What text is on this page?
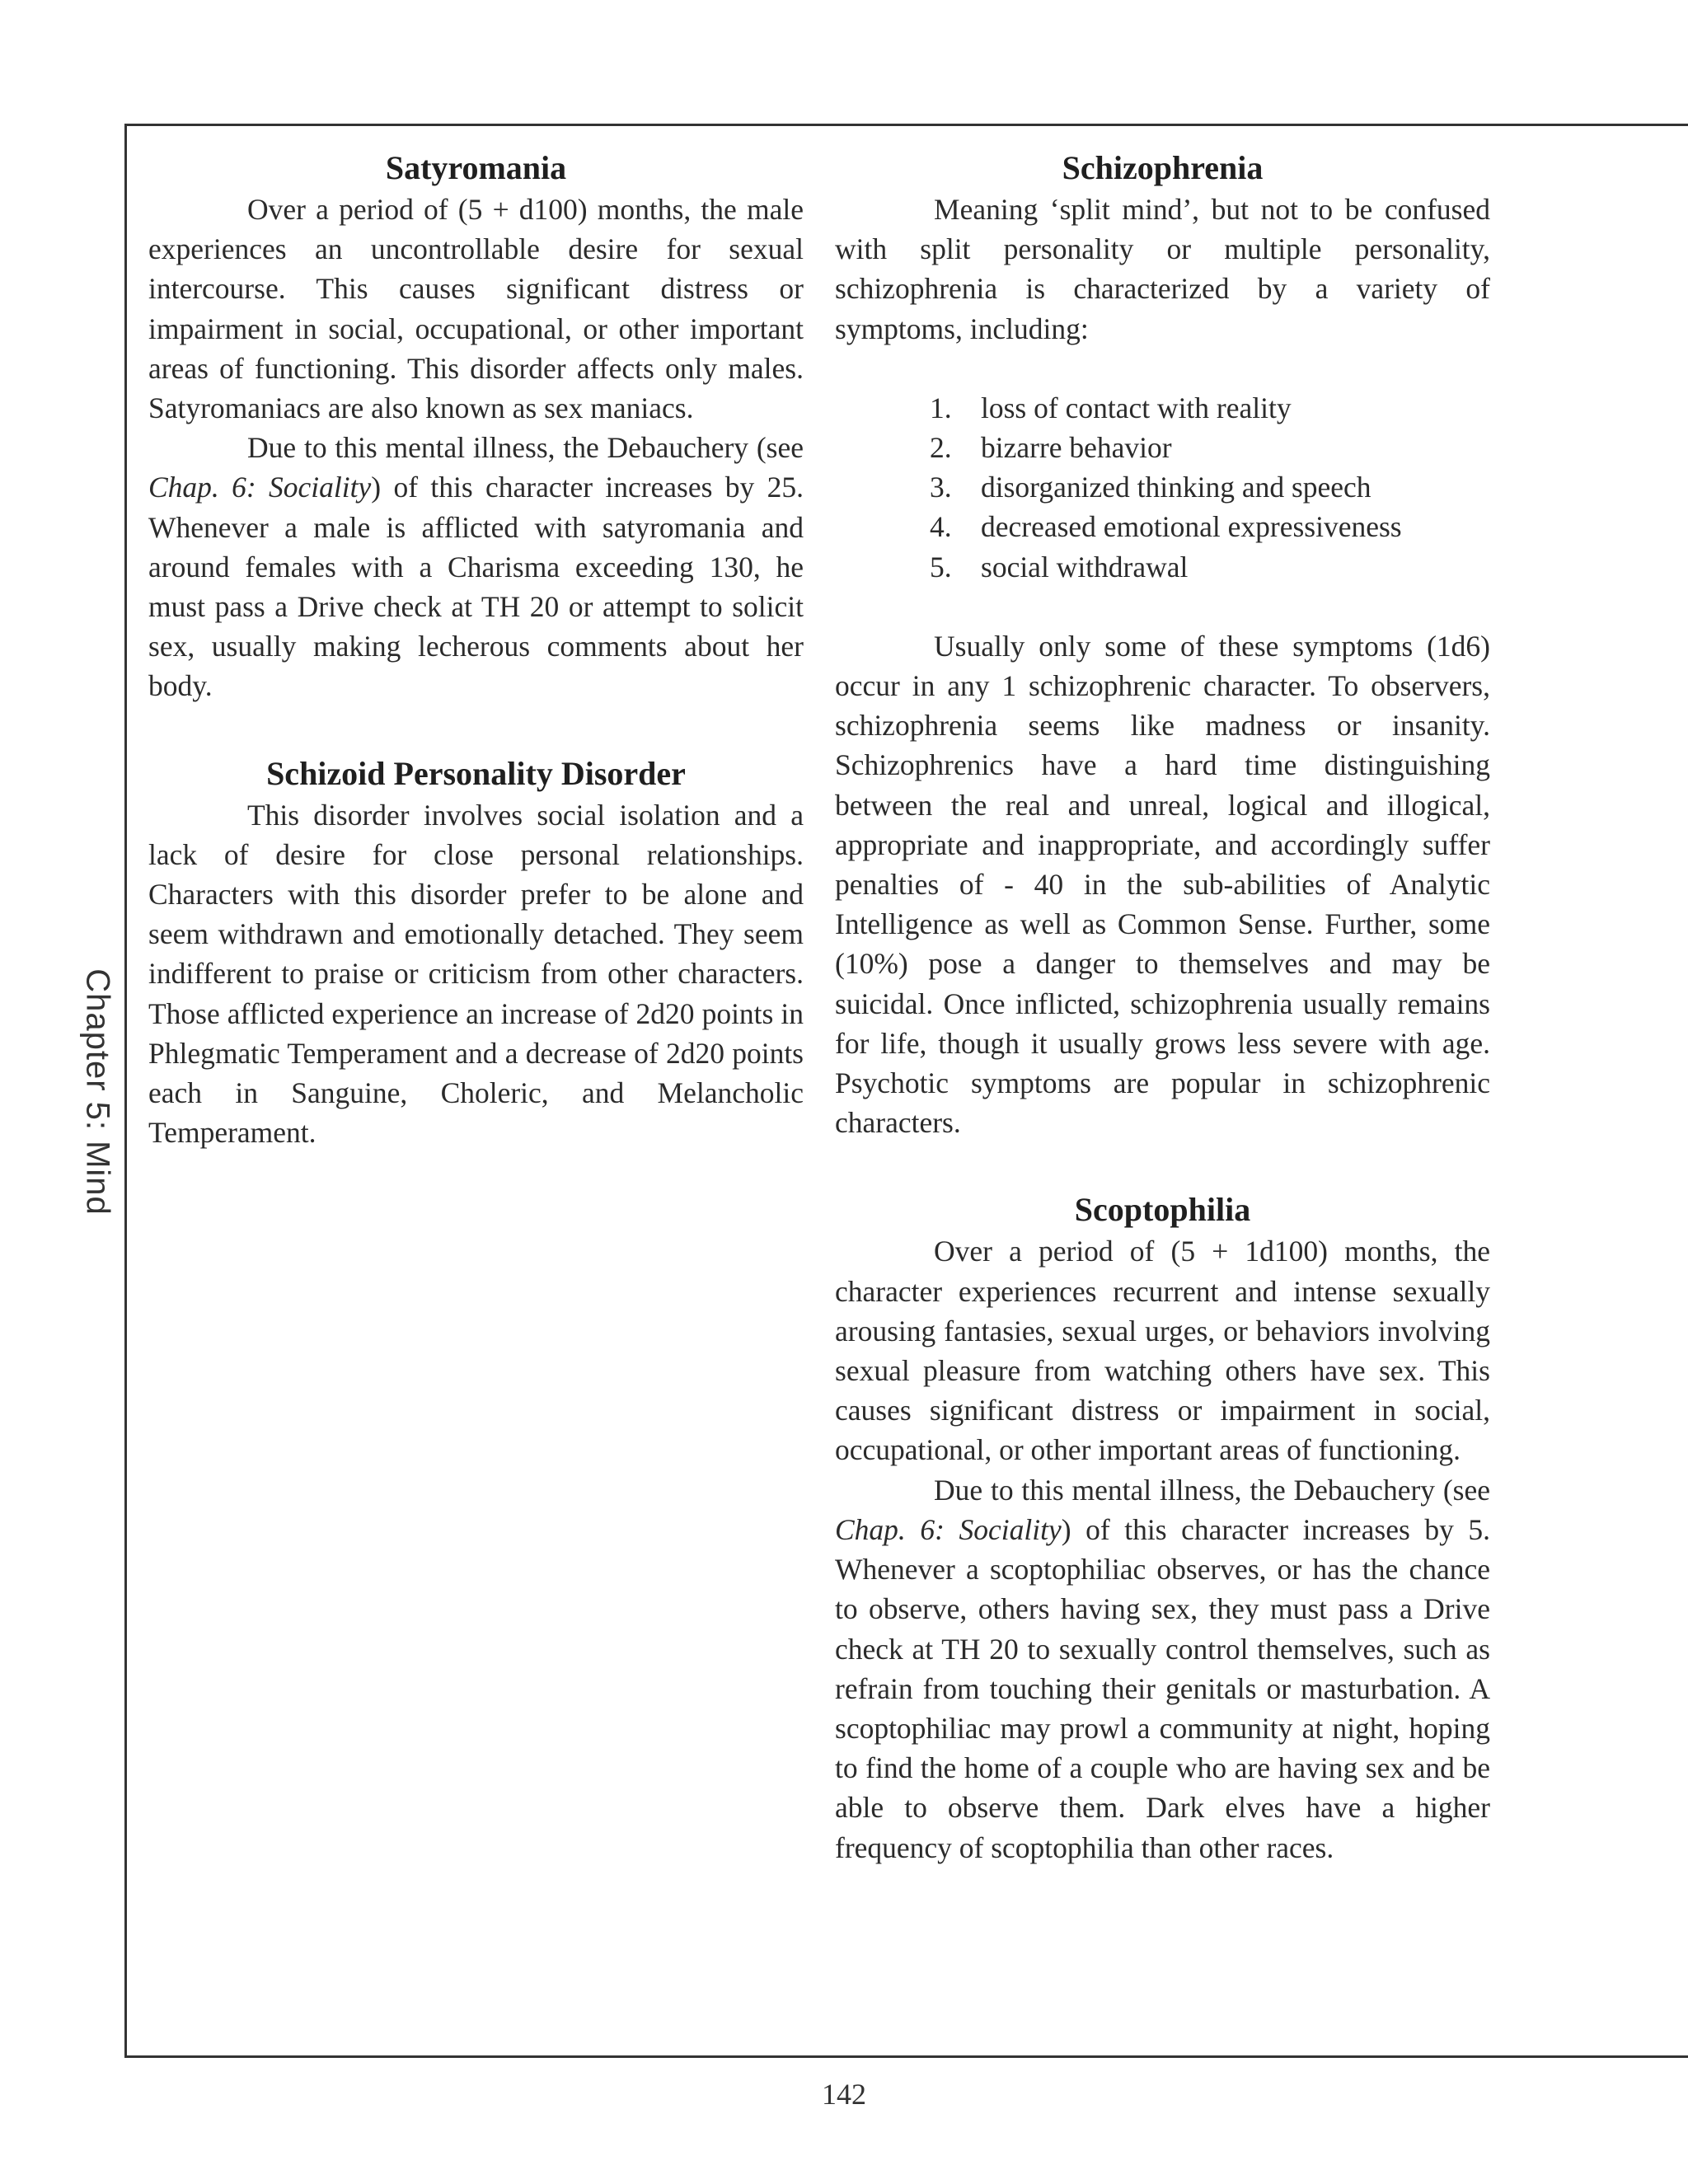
Chapter 5: Mind
Satyromania

Over a period of (5 + d100) months, the male experiences an uncontrollable desire for sexual intercourse. This causes significant distress or impairment in social, occupational, or other important areas of functioning. This disorder affects only males. Satyromaniacs are also known as sex maniacs.

Due to this mental illness, the Debauchery (see Chap. 6: Sociality) of this character increases by 25. Whenever a male is afflicted with satyromania and around females with a Charisma exceeding 130, he must pass a Drive check at TH 20 or attempt to solicit sex, usually making lecherous comments about her body.

Schizoid Personality Disorder

This disorder involves social isolation and a lack of desire for close personal relationships. Characters with this disorder prefer to be alone and seem withdrawn and emotionally detached. They seem indifferent to praise or criticism from other characters. Those afflicted experience an increase of 2d20 points in Phlegmatic Temperament and a decrease of 2d20 points each in Sanguine, Choleric, and Melancholic Temperament.

Schizophrenia

Meaning ‘split mind’, but not to be confused with split personality or multiple personality, schizophrenia is characterized by a variety of symptoms, including:

1. loss of contact with reality
2. bizarre behavior
3. disorganized thinking and speech
4. decreased emotional expressiveness
5. social withdrawal

Usually only some of these symptoms (1d6) occur in any 1 schizophrenic character. To observers, schizophrenia seems like madness or insanity. Schizophrenics have a hard time distinguishing between the real and unreal, logical and illogical, appropriate and inappropriate, and accordingly suffer penalties of - 40 in the sub-abilities of Analytic Intelligence as well as Common Sense. Further, some (10%) pose a danger to themselves and may be suicidal. Once inflicted, schizophrenia usually remains for life, though it usually grows less severe with age. Psychotic symptoms are popular in schizophrenic characters.

Scoptophilia

Over a period of (5 + 1d100) months, the character experiences recurrent and intense sexually arousing fantasies, sexual urges, or behaviors involving sexual pleasure from watching others have sex. This causes significant distress or impairment in social, occupational, or other important areas of functioning.

Due to this mental illness, the Debauchery (see Chap. 6: Sociality) of this character increases by 5. Whenever a scoptophiliac observes, or has the chance to observe, others having sex, they must pass a Drive check at TH 20 to sexually control themselves, such as refrain from touching their genitals or masturbation. A scoptophiliac may prowl a community at night, hoping to find the home of a couple who are having sex and be able to observe them. Dark elves have a higher frequency of scoptophilia than other races.

142
